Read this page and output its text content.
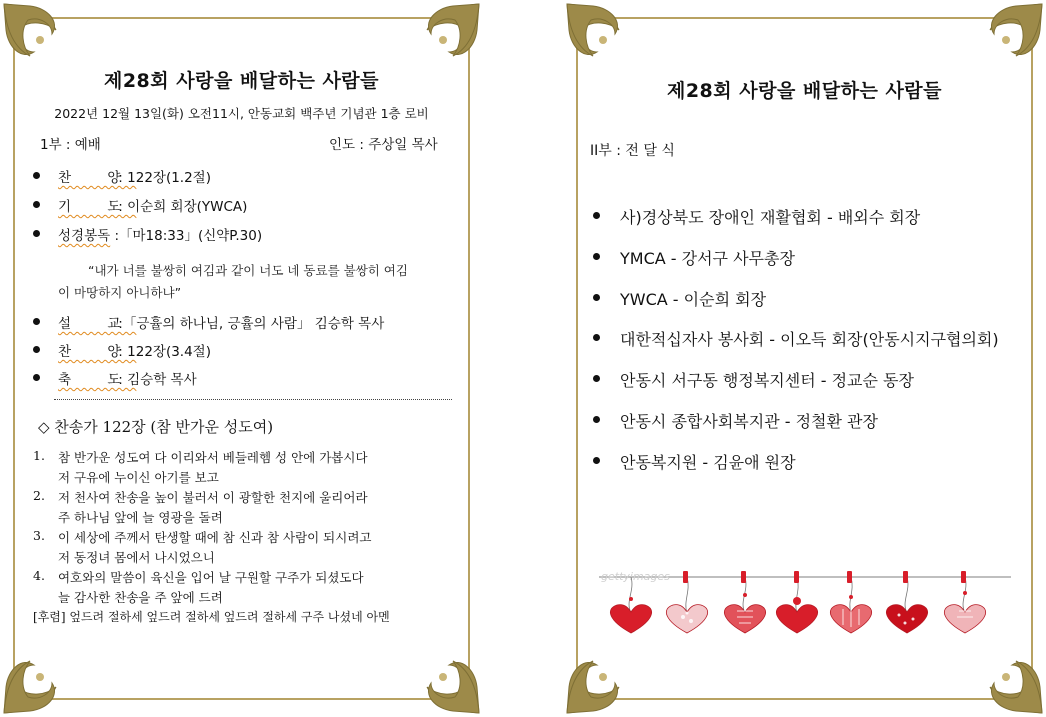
제28회 사랑을 배달하는 사람들
2022년 12월 13일(화) 오전11시, 안동교회 백주년 기념관 1층 로비
1부 : 예배	인도 : 주상일 목사
찬 양 : 122장(1.2절)
기 도 : 이순희 회장(YWCA)
성경봉독 :「마18:33」(신약P.30)
“내가 너를 불쌍히 여김과 같이 너도 네 동료를 불쌍히 여김
이 마땅하지 아니하냐”
설 교 :「긍휼의 하나님, 긍휼의 사람」 김승학 목사
찬 양 : 122장(3.4절)
축 도 : 김승학 목사
◇ 찬송가 122장 (참 반가운 성도여)
1. 참 반가운 성도여 다 이리와서 베들레헴 성 안에 가봅시다
저 구유에 누이신 아기를 보고
2. 저 천사여 찬송을 높이 불러서 이 광할한 천지에 울리어라
주 하나님 앞에 늘 영광을 돌려
3. 이 세상에 주께서 탄생할 때에 참 신과 참 사람이 되시려고
저 동정녀 몸에서 나시었으니
4. 여호와의 말씀이 육신을 입어 날 구원할 구주가 되셨도다
늘 감사한 찬송을 주 앞에 드려
[후렴] 엎드려 절하세 엎드려 절하세 엎드려 절하세 구주 나셨네 아멘
제28회 사랑을 배달하는 사람들
II부 : 전 달 식
사)경상북도 장애인 재활협회 - 배외수 회장
YMCA - 강서구 사무총장
YWCA - 이순희 회장
대한적십자사 봉사회 - 이오득 회장(안동시지구협의회)
안동시 서구동 행정복지센터 - 정교순 동장
안동시 종합사회복지관 - 정철환 관장
안동복지원 - 김윤애 원장
gettyimages
